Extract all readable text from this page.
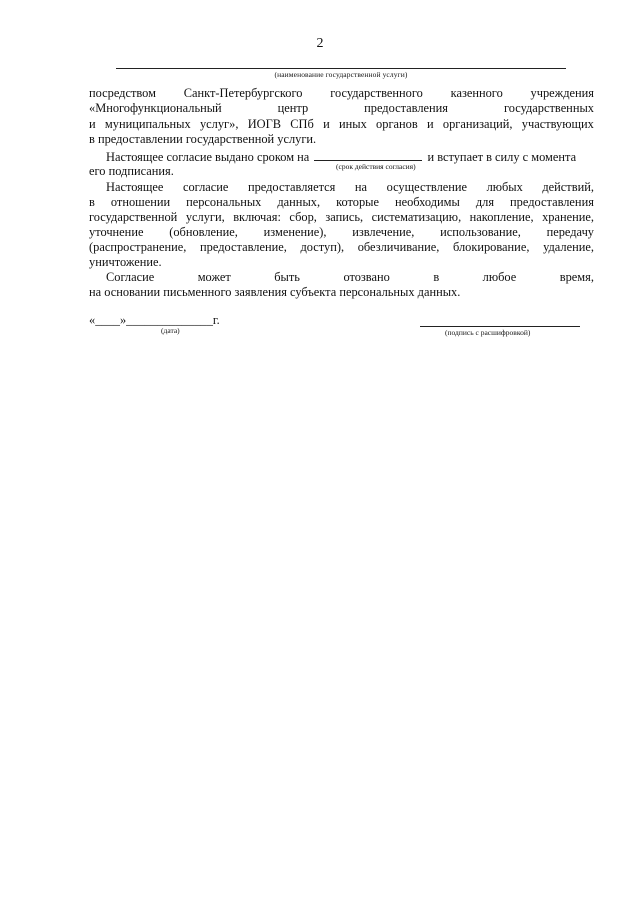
2
(наименование государственной услуги)
посредством Санкт-Петербургского государственного казенного учреждения
«Многофункциональный	центр	предоставления	государственных
и муниципальных услуг», ИОГВ СПб и иных органов и организаций, участвующих
в предоставлении государственной услуги.
Настоящее согласие предоставляется на осуществление любых действий,
в отношении персональных данных, которые необходимы для предоставления
государственной услуги, включая: сбор, запись, систематизацию, накопление, хранение,
уточнение (обновление, изменение), извлечение, использование, передачу
(распространение, предоставление, доступ), обезличивание, блокирование, удаление,
уничтожение.
Согласие	может	быть	отозвано	в	любое	время,
на основании письменного заявления субъекта персональных данных.
Настоящее согласие выдано сроком на	и вступает в силу с момента
(срок действия согласия)
его подписания.
«____»______________г.
(дата)	(подпись с расшифровкой)
